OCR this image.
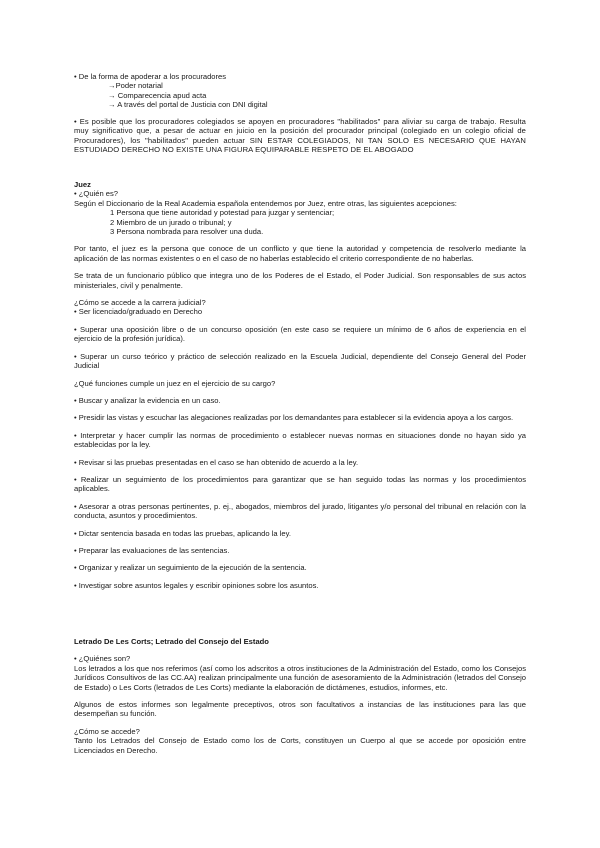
• De la forma de apoderar a los procuradores

→Poder notarial

→ Comparecencia apud acta

→ A través del portal de Justicia con DNI digital

• Es posible que los procuradores colegiados se apoyen en procuradores "habilitados" para aliviar su carga de trabajo. Resulta muy significativo que, a pesar de actuar en juicio en la posición del procurador principal (colegiado en un colegio oficial de Procuradores), los "habilitados" pueden actuar SIN ESTAR COLEGIADOS, NI TAN SOLO ES NECESARIO QUE HAYAN ESTUDIADO DERECHO NO EXISTE UNA FIGURA EQUIPARABLE RESPETO DE EL ABOGADO

Juez

• ¿Quién es?

Según el Diccionario de la Real Academia española entendemos por Juez, entre otras, las siguientes acepciones:

1 Persona que tiene autoridad y potestad para juzgar y sentenciar;

2 Miembro de un jurado o tribunal; y

3 Persona nombrada para resolver una duda.

Por tanto, el juez es la persona que conoce de un conflicto y que tiene la autoridad y competencia de resolverlo mediante la aplicación de las normas existentes o en el caso de no haberlas establecido el criterio correspondiente de no haberlas.

Se trata de un funcionario público que integra uno de los Poderes de el Estado, el Poder Judicial. Son responsables de sus actos ministeriales, civil y penalmente.

¿Cómo se accede a la carrera judicial?

• Ser licenciado/graduado en Derecho

• Superar una oposición libre o de un concurso oposición (en este caso se requiere un mínimo de 6 años de experiencia en el ejercicio de la profesión jurídica).

• Superar un curso teórico y práctico de selección realizado en la Escuela Judicial, dependiente del Consejo General del Poder Judicial

¿Qué funciones cumple un juez en el ejercicio de su cargo?

• Buscar y analizar la evidencia en un caso.

• Presidir las vistas y escuchar las alegaciones realizadas por los demandantes para establecer si la evidencia apoya a los cargos.

• Interpretar y hacer cumplir las normas de procedimiento o establecer nuevas normas en situaciones donde no hayan sido ya establecidas por la ley.

• Revisar si las pruebas presentadas en el caso se han obtenido de acuerdo a la ley.

• Realizar un seguimiento de los procedimientos para garantizar que se han seguido todas las normas y los procedimientos aplicables.

• Asesorar a otras personas pertinentes, p. ej., abogados, miembros del jurado, litigantes y/o personal del tribunal en relación con la conducta, asuntos y procedimientos.

• Dictar sentencia basada en todas las pruebas, aplicando la ley.

• Preparar las evaluaciones de las sentencias.

• Organizar y realizar un seguimiento de la ejecución de la sentencia.

• Investigar sobre asuntos legales y escribir opiniones sobre los asuntos.

Letrado De Les Corts; Letrado del Consejo del Estado

• ¿Quiénes son?

Los letrados a los que nos referimos (así como los adscritos a otros instituciones de la Administración del Estado, como los Consejos Jurídicos Consultivos de las CC.AA) realizan principalmente una función de asesoramiento de la Administración (letrados del Consejo de Estado) o Les Corts (letrados de Les Corts) mediante la elaboración de dictámenes, estudios, informes, etc.

Algunos de estos informes son legalmente preceptivos, otros son facultativos a instancias de las instituciones para las que desempeñan su función.

¿Cómo se accede?

Tanto los Letrados del Consejo de Estado como los de Corts, constituyen un Cuerpo al que se accede por oposición entre Licenciados en Derecho.
